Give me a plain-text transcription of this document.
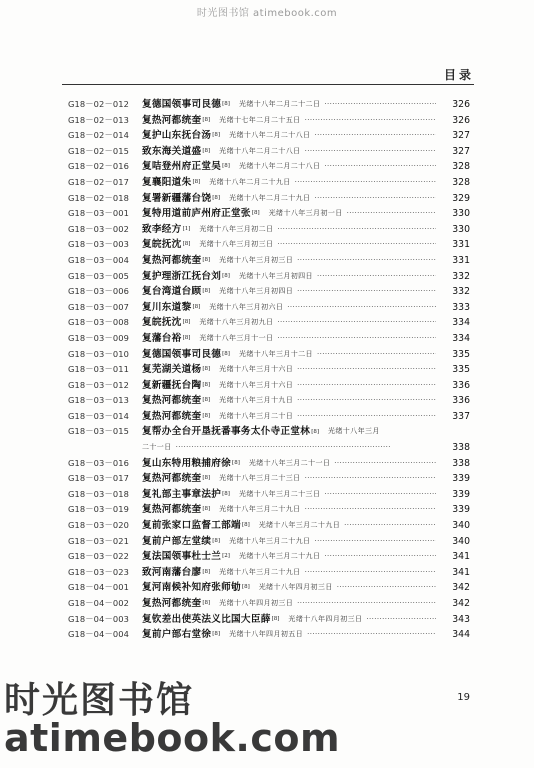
时光图书馆 atimebook.com
目录
G18－02－012 复德国领事司艮德 [8] 光绪十八年二月二十二日 ·····	326
G18－02－013 复热河都统奎 [8] 光绪十七年二月二十五日 ·····	326
G18－02－014 复护山东抚台汤 [8] 光绪十八年二月二十八日 ·····	327
G18－02－015 致东海关道盛 [8] 光绪十八年二月二十八日 ·····	327
G18－02－016 复咭登州府正堂吴 [8] 光绪十八年二月二十八日 ·····	328
G18－02－017 复襄阳道朱 [8] 光绪十八年二月二十九日 ·····	328
G18－02－018 复署新疆藩台饶 [8] 光绪十八年二月二十九日 ·····	329
G18－03－001 复特用道前庐州府正堂张 [8] 光绪十八年三月初一日 ·····	330
G18－03－002 致李经方 [1] 光绪十八年三月初二日 ·····	330
G18－03－003 复皖抚沈 [8] 光绪十八年三月初三日 ·····	331
G18－03－004 复热河都统奎 [8] 光绪十八年三月初三日 ·····	331
G18－03－005 复护理浙江抚台刘 [8] 光绪十八年三月初四日 ·····	332
G18－03－006 复台湾道台顾 [8] 光绪十八年三月初四日 ·····	332
G18－03－007 复川东道黎 [8] 光绪十八年三月初六日 ·····	333
G18－03－008 复皖抚沈 [8] 光绪十八年三月初九日 ·····	334
G18－03－009 复藩台裕 [8] 光绪十八年三月十一日 ·····	334
G18－03－010 复德国领事司艮德 [8] 光绪十八年三月十二日 ·····	335
G18－03－011 复芜湖关道杨 [8] 光绪十八年三月十六日 ·····	335
G18－03－012 复新疆抚台陶 [8] 光绪十八年三月十六日 ·····	336
G18－03－013 复热河都统奎 [8] 光绪十八年三月十九日 ·····	336
G18－03－014 复热河都统奎 [8] 光绪十八年三月二十日 ·····	337
G18－03－015 复帮办全台开垦抚番事务太仆寺正堂林 [8] 光绪十八年三月
二十一日 ·····	338
G18－03－016 复山东特用粮捕府徐 [8] 光绪十八年三月二十一日 ·····	338
G18－03－017 复热河都统奎 [8] 光绪十八年三月二十三日 ·····	339
G18－03－018 复礼部主事章法护 [8] 光绪十八年三月二十三日 ·····	339
G18－03－019 复热河都统奎 [8] 光绪十八年三月二十九日 ·····	339
G18－03－020 复前张家口监督工部端 [8] 光绪十八年三月二十九日 ·····	340
G18－03－021 复前户部左堂续 [8] 光绪十八年三月二十九日 ·····	340
G18－03－022 复法国领事杜士兰 [2] 光绪十八年三月二十九日 ·····	341
G18－03－023 致河南藩台廖 [8] 光绪十八年三月二十九日 ·····	341
G18－04－001 复河南候补知府张师劬 [8] 光绪十八年四月初三日 ·····	342
G18－04－002 复热河都统奎 [8] 光绪十八年四月初三日 ·····	342
G18－04－003 复钦差出使英法义比国大臣薛 [8] 光绪十八年四月初三日 ·····	343
G18－04－004 复前户部右堂徐 [8] 光绪十八年四月初五日 ·····	344
19
时光图书馆
atimebook.com
